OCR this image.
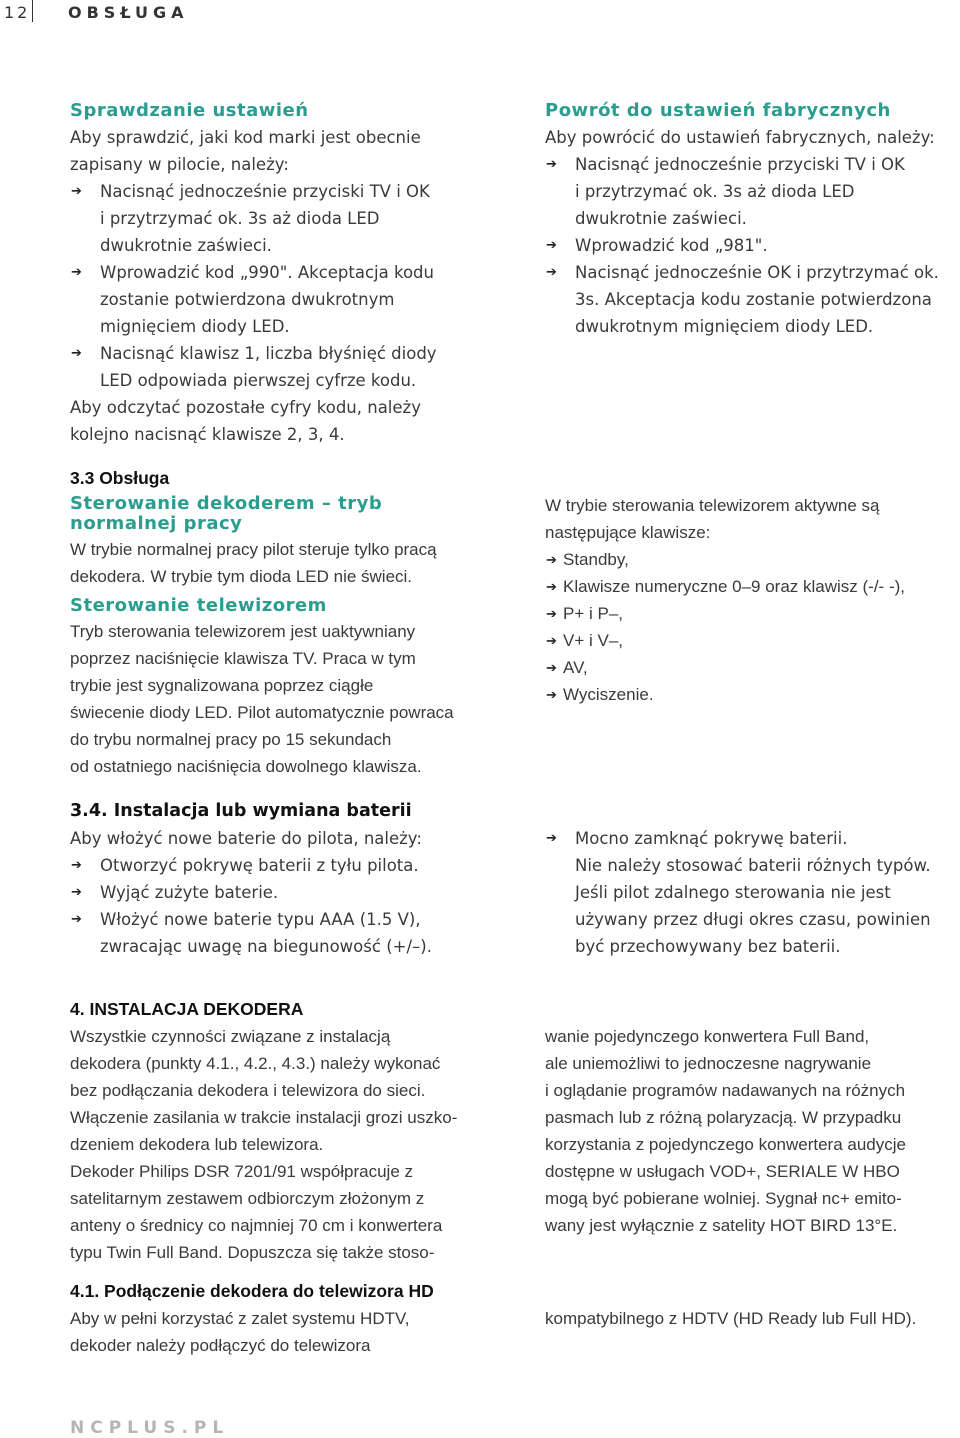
12 OBSŁUGA

Sprawdzanie ustawień

Aby sprawdzić, jaki kod marki jest obecnie

zapisany w pilocie, należy:

➔ Nacisnąć jednocześnie przyciski TV i OK

i przytrzymać ok. 3s aż dioda LED

dwukrotnie zaświeci.

➔ Wprowadzić kod „990". Akceptacja kodu

zostanie potwierdzona dwukrotnym

mignięciem diody LED.

➔ Nacisnąć klawisz 1, liczba błyśnięć diody

LED odpowiada pierwszej cyfrze kodu.

Aby odczytać pozostałe cyfry kodu, należy

kolejno nacisnąć klawisze 2, 3, 4.

Powrót do ustawień fabrycznych

Aby powrócić do ustawień fabrycznych, należy:

➔ Nacisnąć jednocześnie przyciski TV i OK

i przytrzymać ok. 3s aż dioda LED

dwukrotnie zaświeci.

➔ Wprowadzić kod „981".

➔ Nacisnąć jednocześnie OK i przytrzymać ok.

3s. Akceptacja kodu zostanie potwierdzona

dwukrotnym mignięciem diody LED.

3.3 Obsługa

Sterowanie dekoderem – tryb

normalnej pracy

W trybie normalnej pracy pilot steruje tylko pracą

dekodera. W trybie tym dioda LED nie świeci.

Sterowanie telewizorem

Tryb sterowania telewizorem jest uaktywniany

poprzez naciśnięcie klawisza TV. Praca w tym

trybie jest sygnalizowana poprzez ciągłe

świecenie diody LED. Pilot automatycznie powraca

do trybu normalnej pracy po 15 sekundach

od ostatniego naciśnięcia dowolnego klawisza.

W trybie sterowania telewizorem aktywne są

następujące klawisze:

➔ Standby,
➔ Klawisze numeryczne 0–9 oraz klawisz (-/- -),
➔ P+ i P–,
➔ V+ i V–,
➔ AV,
➔ Wyciszenie.

3.4. Instalacja lub wymiana baterii

Aby włożyć nowe baterie do pilota, należy:

➔ Otworzyć pokrywę baterii z tyłu pilota.

➔ Wyjąć zużyte baterie.

➔ Włożyć nowe baterie typu AAA (1.5 V),

zwracając uwagę na biegunowość (+/–).

➔ Mocno zamknąć pokrywę baterii.

Nie należy stosować baterii różnych typów.

Jeśli pilot zdalnego sterowania nie jest

używany przez długi okres czasu, powinien

być przechowywany bez baterii.

4. INSTALACJA DEKODERA

Wszystkie czynności związane z instalacją

dekodera (punkty 4.1., 4.2., 4.3.) należy wykonać

bez podłączania dekodera i telewizora do sieci.

Włączenie zasilania w trakcie instalacji grozi uszko-

dzeniem dekodera lub telewizora.

Dekoder Philips DSR 7201/91 współpracuje z

satelitarnym zestawem odbiorczym złożonym z

anteny o średnicy co najmniej 70 cm i konwertera

typu Twin Full Band. Dopuszcza się także stoso-

wanie pojedynczego konwertera Full Band,

ale uniemożliwi to jednoczesne nagrywanie

i oglądanie programów nadawanych na różnych

pasmach lub z różną polaryzacją. W przypadku

korzystania z pojedynczego konwertera audycje

dostępne w usługach VOD+, SERIALE W HBO

mogą być pobierane wolniej. Sygnał nc+ emito-

wany jest wyłącznie z satelity HOT BIRD 13°E.

4.1. Podłączenie dekodera do telewizora HD

Aby w pełni korzystać z zalet systemu HDTV,

dekoder należy podłączyć do telewizora

kompatybilnego z HDTV (HD Ready lub Full HD).

NCPLUS.PL
